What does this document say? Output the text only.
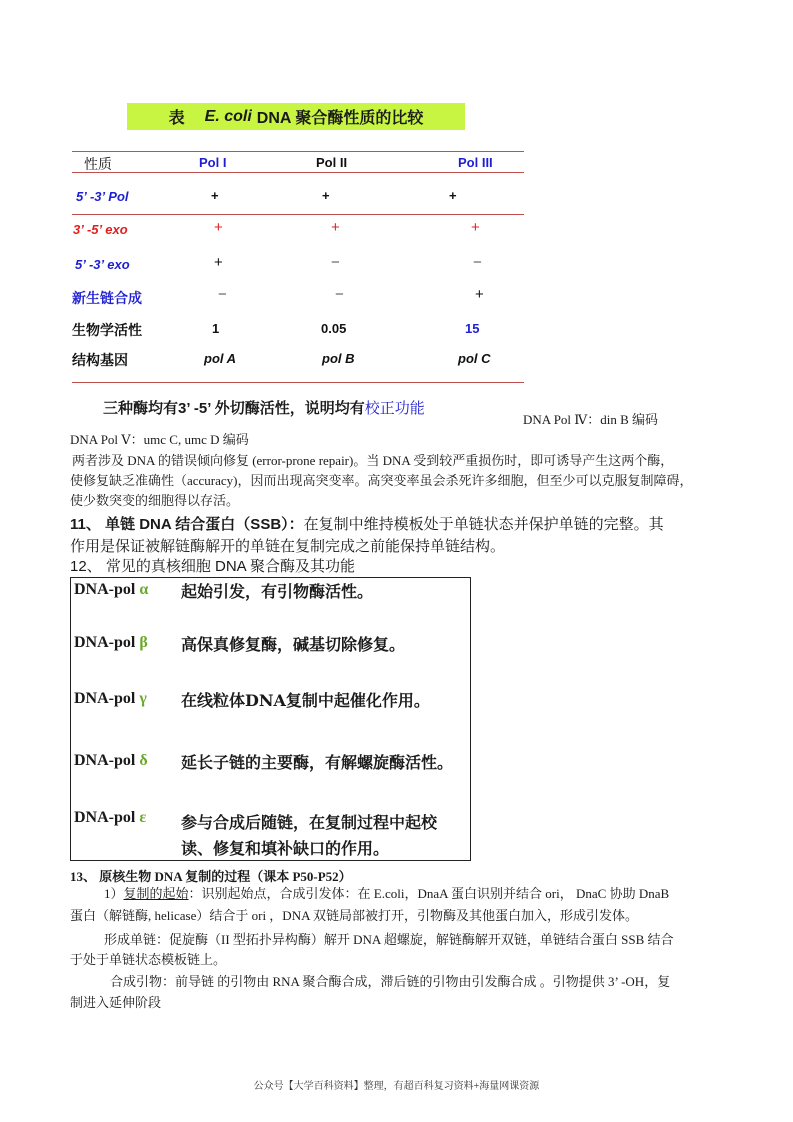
表 E. coli DNA 聚合酶性质的比较
性质	Pol I	Pol II	Pol III
5’ -3’ Pol	+	+	+
3’ -5’ exo	+	+	+
5’ -3’ exo	+	−	−
新生链合成	−	−	+
生物学活性	1	0.05	15
结构基因	pol A	pol B	pol C
三种酶均有3’ -5’ 外切酶活性，说明均有校正功能
DNA Pol Ⅳ：din B 编码
DNA Pol Ⅴ：umc C, umc D 编码
两者涉及 DNA 的错误倾向修复 (error-prone repair)。当 DNA 受到较严重损伤时，即可诱导产生这两个酶，
使修复缺乏准确性（accuracy)，因而出现高突变率。高突变率虽会杀死许多细胞，但至少可以克服复制障碍，
使少数突变的细胞得以存活。
11、 单链 DNA 结合蛋白（SSB）：在复制中维持模板处于单链状态并保护单链的完整。其
作用是保证被解链酶解开的单链在复制完成之前能保持单链结构。
12、 常见的真核细胞 DNA 聚合酶及其功能
DNA-pol α 起始引发，有引物酶活性。
DNA-pol β 高保真修复酶，碱基切除修复。
DNA-pol γ 在线粒体DNA复制中起催化作用。
DNA-pol δ 延长子链的主要酶，有解螺旋酶活性。
DNA-pol ε 参与合成后随链，在复制过程中起校
读、修复和填补缺口的作用。
13、 原核生物 DNA 复制的过程（课本 P50-P52）
1）复制的起始：识别起始点，合成引发体：在 E.coli，DnaA 蛋白识别并结合 ori， DnaC 协助 DnaB
蛋白（解链酶, helicase）结合于 ori ，DNA 双链局部被打开，引物酶及其他蛋白加入，形成引发体。
形成单链：促旋酶（II 型拓扑异构酶）解开 DNA 超螺旋，解链酶解开双链，单链结合蛋白 SSB 结合
于处于单链状态模板链上。
合成引物：前导链 的引物由 RNA 聚合酶合成，滞后链的引物由引发酶合成 。引物提供 3’ -OH，复
制进入延伸阶段
公众号【大学百科资料】整理，有超百科复习资料+海量网课资源
